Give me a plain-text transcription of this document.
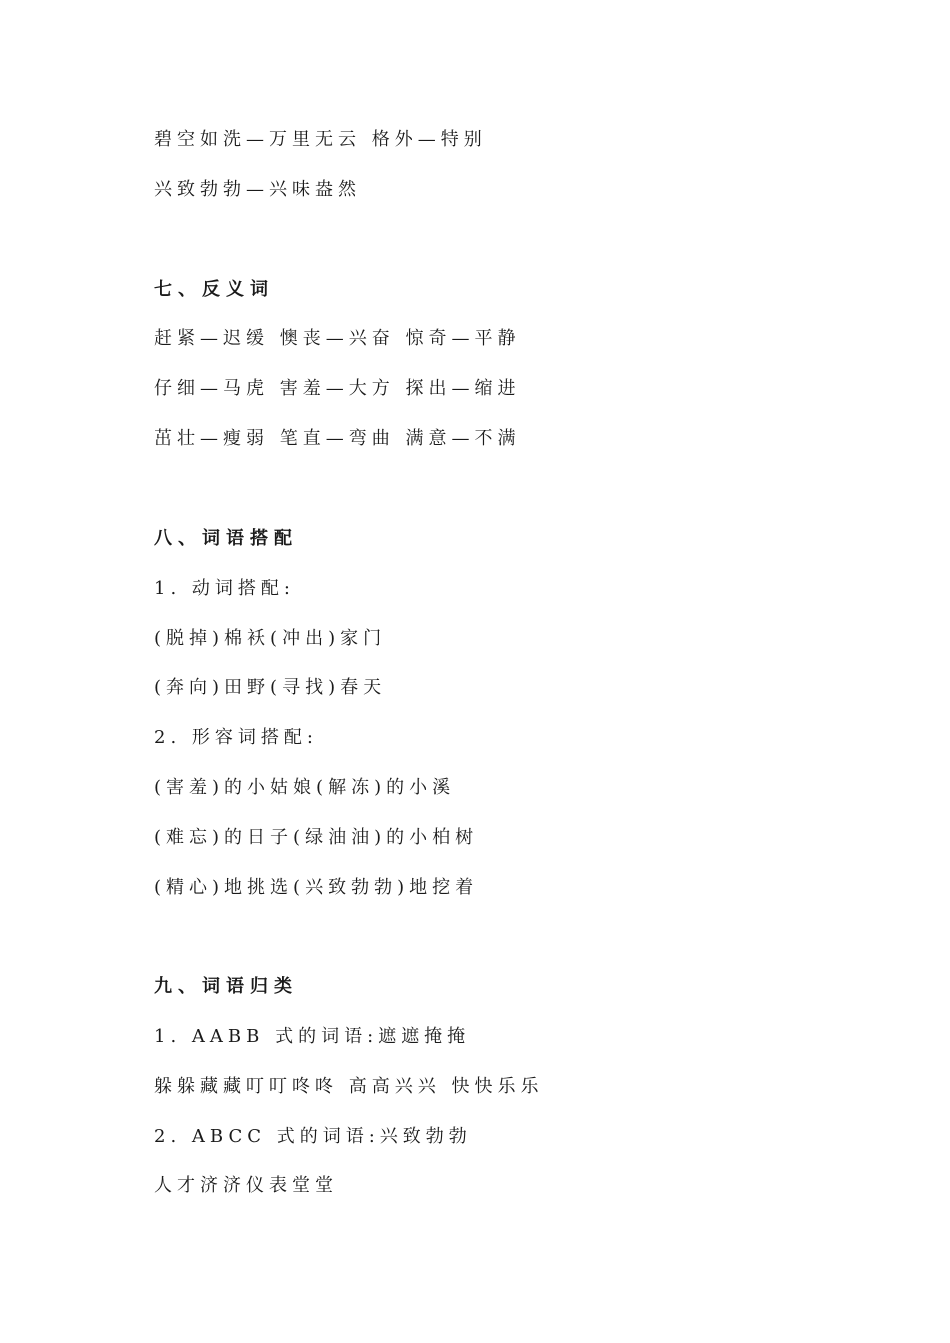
碧空如洗—万里无云 格外—特别
兴致勃勃—兴味盎然
七、反义词
赶紧—迟缓 懊丧—兴奋 惊奇—平静
仔细—马虎 害羞—大方 探出—缩进
茁壮—瘦弱 笔直—弯曲 满意—不满
八、词语搭配
1. 动词搭配:
(脱掉)棉袄(冲出)家门
(奔向)田野(寻找)春天
2. 形容词搭配:
(害羞)的小姑娘(解冻)的小溪
(难忘)的日子(绿油油)的小柏树
(精心)地挑选(兴致勃勃)地挖着
九、词语归类
1. AABB 式的词语:遮遮掩掩
躲躲藏藏叮叮咚咚 高高兴兴 快快乐乐
2. ABCC 式的词语:兴致勃勃
人才济济仪表堂堂
